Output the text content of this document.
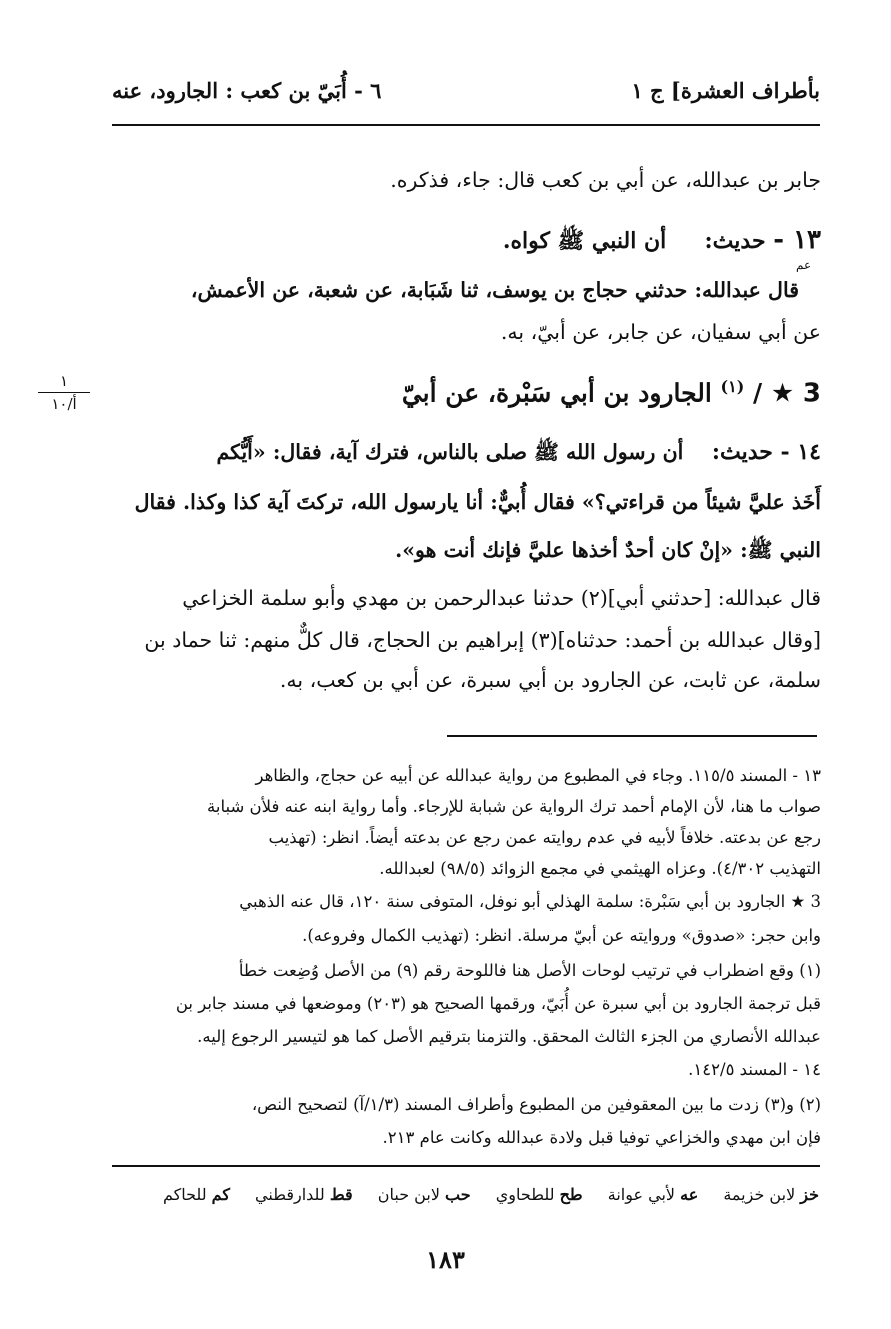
بأطراف العشرة] ج ١
٦ - أُبَيّ بن كعب : الجارود، عنه
جابر بن عبدالله، عن أبي بن كعب قال: جاء، فذكره.
١٣ - حديث:     أن النبي ﷺ كواه.
عم
قال عبدالله: حدثني حجاج بن يوسف، ثنا شَبَابة، عن شعبة، عن الأعمش،
عن أبي سفيان، عن جابر، عن أبيّ، به.
١
أ/١٠	3 ★ / $^{(١)}$ الجارود بن أبي سَبْرة، عن أبيّ
١٤ - حديث:    أن رسول الله ﷺ صلى بالناس، فترك آية، فقال: «أَيُّكم
أَخَذ عليَّ شيئاً من قراءتي؟» فقال أُبيٌّ: أنا يارسول الله، تركتَ آية كذا وكذا. فقال
النبي ﷺ: «إنْ كان أحدٌ أخذها عليَّ فإنك أنت هو».
قال عبدالله: [حدثني أبي](٢) حدثنا عبدالرحمن بن مهدي وأبو سلمة الخزاعي
[وقال عبدالله بن أحمد: حدثناه](٣) إبراهيم بن الحجاج، قال كلٌّ منهم: ثنا حماد بن
سلمة، عن ثابت، عن الجارود بن أبي سبرة، عن أبي بن كعب، به.
١٣ - المسند ١١٥/٥. وجاء في المطبوع من رواية عبدالله عن أبيه عن حجاج، والظاهر
صواب ما هنا، لأن الإمام أحمد ترك الرواية عن شبابة للإرجاء. وأما رواية ابنه عنه فلأن شبابة
رجع عن بدعته. خلافاً لأبيه في عدم روايته عمن رجع عن بدعته أيضاً. انظر: (تهذيب
التهذيب ٤/٣٠٢). وعزاه الهيثمي في مجمع الزوائد (٩٨/٥) لعبدالله.
3 ★ الجارود بن أبي سَبْرة: سلمة الهذلي أبو نوفل، المتوفى سنة ١٢٠، قال عنه الذهبي
وابن حجر: «صدوق» وروايته عن أبيّ مرسلة. انظر: (تهذيب الكمال وفروعه).
(١) وقع اضطراب في ترتيب لوحات الأصل هنا فاللوحة رقم (٩) من الأصل وُضِعت خطأ
قبل ترجمة الجارود بن أبي سبرة عن أُبَيّ، ورقمها الصحيح هو (٢٠٣) وموضعها في مسند جابر بن
عبدالله الأنصاري من الجزء الثالث المحقق. والتزمنا بترقيم الأصل كما هو لتيسير الرجوع إليه.
١٤ - المسند ١٤٢/٥.
(٢) و(٣) زدت ما بين المعقوفين من المطبوع وأطراف المسند (١/٣/آ) لتصحيح النص،
فإن ابن مهدي والخزاعي توفيا قبل ولادة عبدالله وكانت عام ٢١٣.
خز لابن خزيمة عه لأبي عوانة طح للطحاوي حب لابن حبان قط للدارقطني كم للحاكم
١٨٣
